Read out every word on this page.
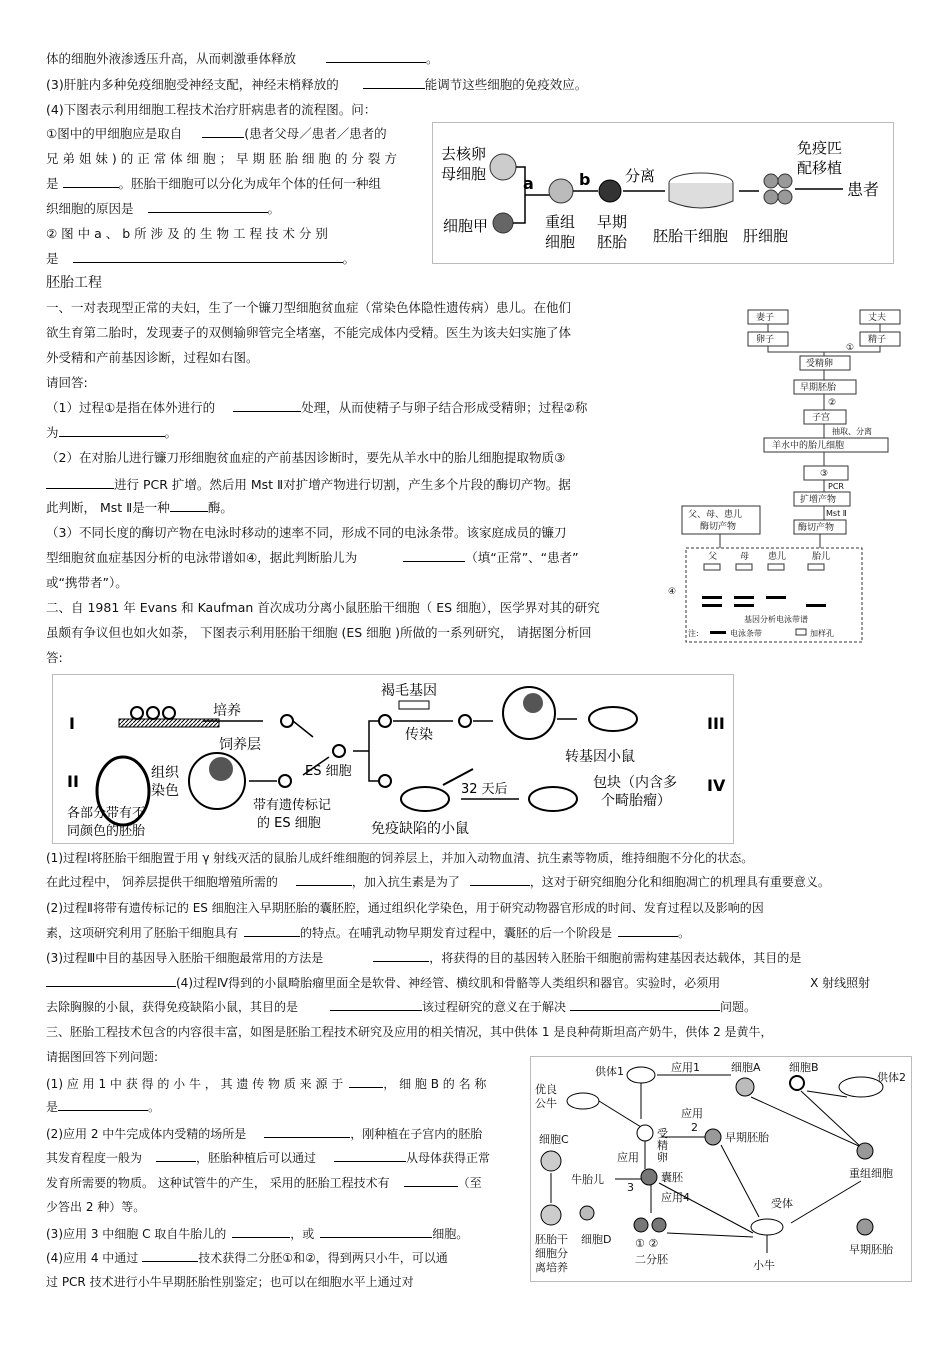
体的细胞外液渗透压升高，从而刺激垂体释放	。
(3)肝脏内多种免疫细胞受神经支配，神经末梢释放的	能调节这些细胞的免疫效应。
(4)下图表示利用细胞工程技术治疗肝病患者的流程图。问：
①图中的甲细胞应是取自	(患者父母／患者／患者的
兄 弟 姐 妹 ) 的 正 常 体 细 胞 ； 早 期 胚 胎 细 胞 的 分 裂 方
是	。胚胎干细胞可以分化为成年个体的任何一种组
织细胞的原因是	。
② 图 中 a 、 b 所 涉 及 的 生 物 工 程 技 术 分 别
是	。
去核卵
母细胞
细胞甲
a
重组
细胞
b
早期
胚胎
分离
胚胎干细胞 肝细胞
免疫匹
配移植
患者
胚胎工程
一、一对表现型正常的夫妇，生了一个镰刀型细胞贫血症（常染色体隐性遗传病）患儿。在他们
欲生育第二胎时，发现妻子的双侧输卵管完全堵塞，不能完成体内受精。医生为该夫妇实施了体
外受精和产前基因诊断，过程如右图。
请回答:
（1）过程①是指在体外进行的	处理，从而使精子与卵子结合形成受精卵；过程②称
为	。
（2）在对胎儿进行镰刀形细胞贫血症的产前基因诊断时，要先从羊水中的胎儿细胞提取物质③
进行 PCR 扩增。然后用 Mst Ⅱ对扩增产物进行切割，产生多个片段的酶切产物。据
此判断， Mst Ⅱ是一种	酶。
（3）不同长度的酶切产物在电泳时移动的速率不同，形成不同的电泳条带。该家庭成员的镰刀
型细胞贫血症基因分析的电泳带谱如④，据此判断胎儿为	（填“正常”、“患者”
或“携带者”）。
妻子	丈夫
卵子	精子
①
受精卵
早期胚胎
②
子宫
抽取、分离
羊水中的胎儿细胞
③
PCR
扩增产物
Mst Ⅱ
父、母、患儿
酶切产物	酶切产物
④
父	母 患儿	胎儿
基因分析电泳带谱
注:	电泳条带	加样孔
二、自 1981 年 Evans 和 Kaufman 首次成功分离小鼠胚胎干细胞（ ES 细胞），医学界对其的研究
虽颇有争议但也如火如荼， 下图表示利用胚胎干细胞 (ES 细胞 )所做的一系列研究， 请据图分析回
答:
I
II
III
IV
培养
饲养层
ES 细胞
褐毛基因
传染
转基因小鼠
组织
染色
各部分带有不
同颜色的胚胎
带有遗传标记
的 ES 细胞
32 天后	包块（内含多
个畸胎瘤）
免疫缺陷的小鼠
(1)过程Ⅰ将胚胎干细胞置于用 γ 射线灭活的鼠胎儿成纤维细胞的饲养层上，并加入动物血清、抗生素等物质，维持细胞不分化的状态。
在此过程中， 饲养层提供干细胞增殖所需的	，加入抗生素是为了	，这对于研究细胞分化和细胞凋亡的机理具有重要意义。
(2)过程Ⅱ将带有遗传标记的 ES 细胞注入早期胚胎的囊胚腔，通过组织化学染色，用于研究动物器官形成的时间、发育过程以及影响的因
素，这项研究利用了胚胎干细胞具有	的特点。在哺乳动物早期发育过程中，囊胚的后一个阶段是	。
(3)过程Ⅲ中目的基因导入胚胎干细胞最常用的方法是	，将获得的目的基因转入胚胎干细胞前需构建基因表达载体，其目的是
(4)过程Ⅳ得到的小鼠畸胎瘤里面全是软骨、神经管、横纹肌和骨骼等人类组织和器官。实验时，必须用	X 射线照射
去除胸腺的小鼠，获得免疫缺陷小鼠，其目的是	该过程研究的意义在于解决	问题。
三、胚胎工程技术包含的内容很丰富，如图是胚胎工程技术研究及应用的相关情况，其中供体 1 是良种荷斯坦高产奶牛，供体 2 是黄牛，
请据图回答下列问题:
(1) 应 用 1 中 获 得 的 小 牛 ， 其 遗 传 物 质 来 源 于	， 细 胞 B 的 名 称
是	。
(2)应用 2 中牛完成体内受精的场所是	，刚种植在子宫内的胚胎
其发育程度一般为	，胚胎种植后可以通过	从母体获得正常
发育所需要的物质。 这种试管牛的产生， 采用的胚胎工程技术有	（至
少答出 2 种）等。
(3)应用 3 中细胞 C 取自牛胎儿的	，或	细胞。
(4)应用 4 中通过	技术获得二分胚①和②，得到两只小牛，可以通
过 PCR 技术进行小牛早期胚胎性别鉴定；也可以在细胞水平上通过对
供体1	应用1	细胞A	细胞B
供体2
优良
公牛
受
精
卵
应用
2
早期胚胎
重组细胞
细胞C
牛胎儿
应用
3
囊胚
应用4	受体
早期胚胎
胚胎干
细胞分
离培养
细胞D ① ②
二分胚	小牛
